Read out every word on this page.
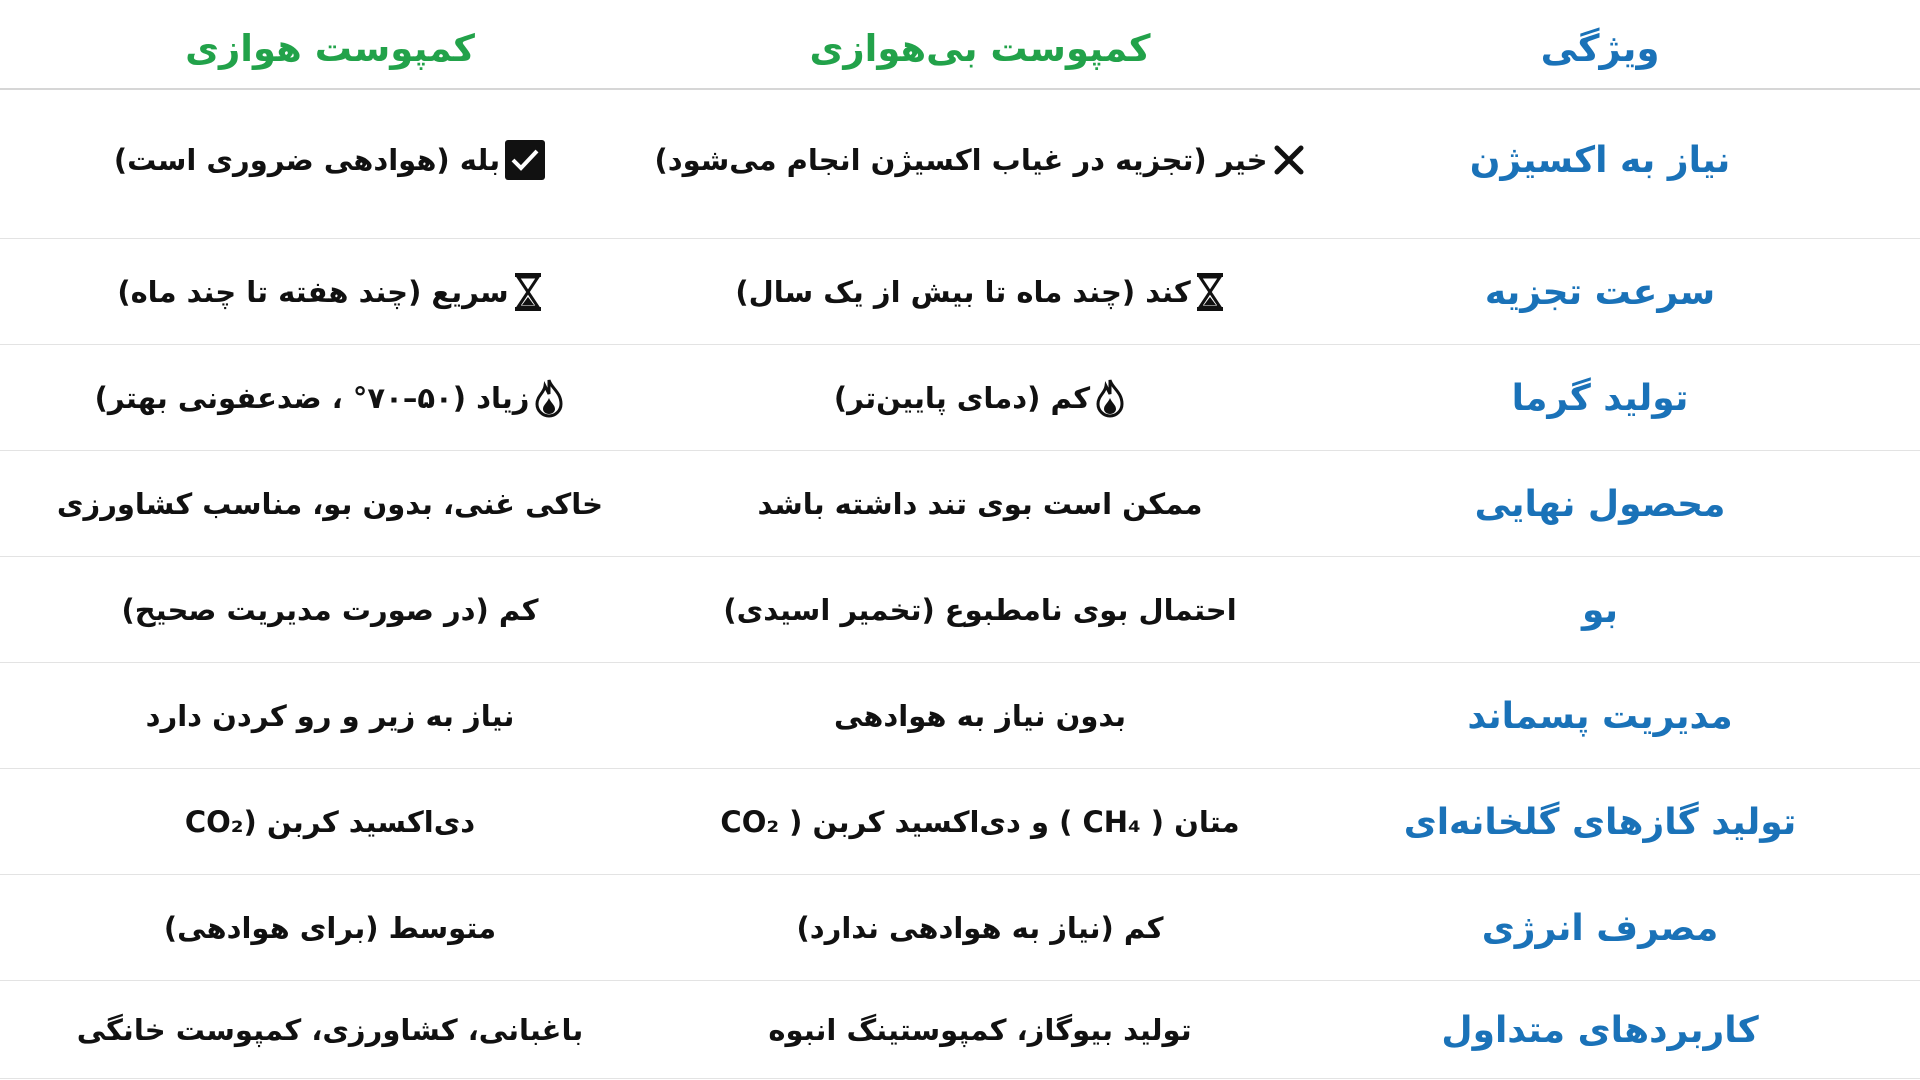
ویژگی
کمپوست بی‌هوازی
کمپوست هوازی
نیاز به اکسیژن
خیر (تجزیه در غیاب اکسیژن انجام می‌شود)
بله (هوادهی ضروری است)
سرعت تجزیه
کند (چند ماه تا بیش از یک سال)
سریع (چند هفته تا چند ماه)
تولید گرما
کم (دمای پایین‌تر)
زیاد (۵۰–۷۰° ، ضدعفونی بهتر)
محصول نهایی
ممکن است بوی تند داشته باشد
خاکی غنی، بدون بو، مناسب کشاورزی
بو
احتمال بوی نامطبوع (تخمیر اسیدی)
کم (در صورت مدیریت صحیح)
مدیریت پسماند
بدون نیاز به هوادهی
نیاز به زیر و رو کردن دارد
تولید گازهای گلخانه‌ای
متان ( CH₄ ) و دی‌اکسید کربن ( CO₂
دی‌اکسید کربن (CO₂
مصرف انرژی
کم (نیاز به هوادهی ندارد)
متوسط (برای هوادهی)
کاربردهای متداول
تولید بیوگاز، کمپوستینگ انبوه
باغبانی، کشاورزی، کمپوست خانگی
